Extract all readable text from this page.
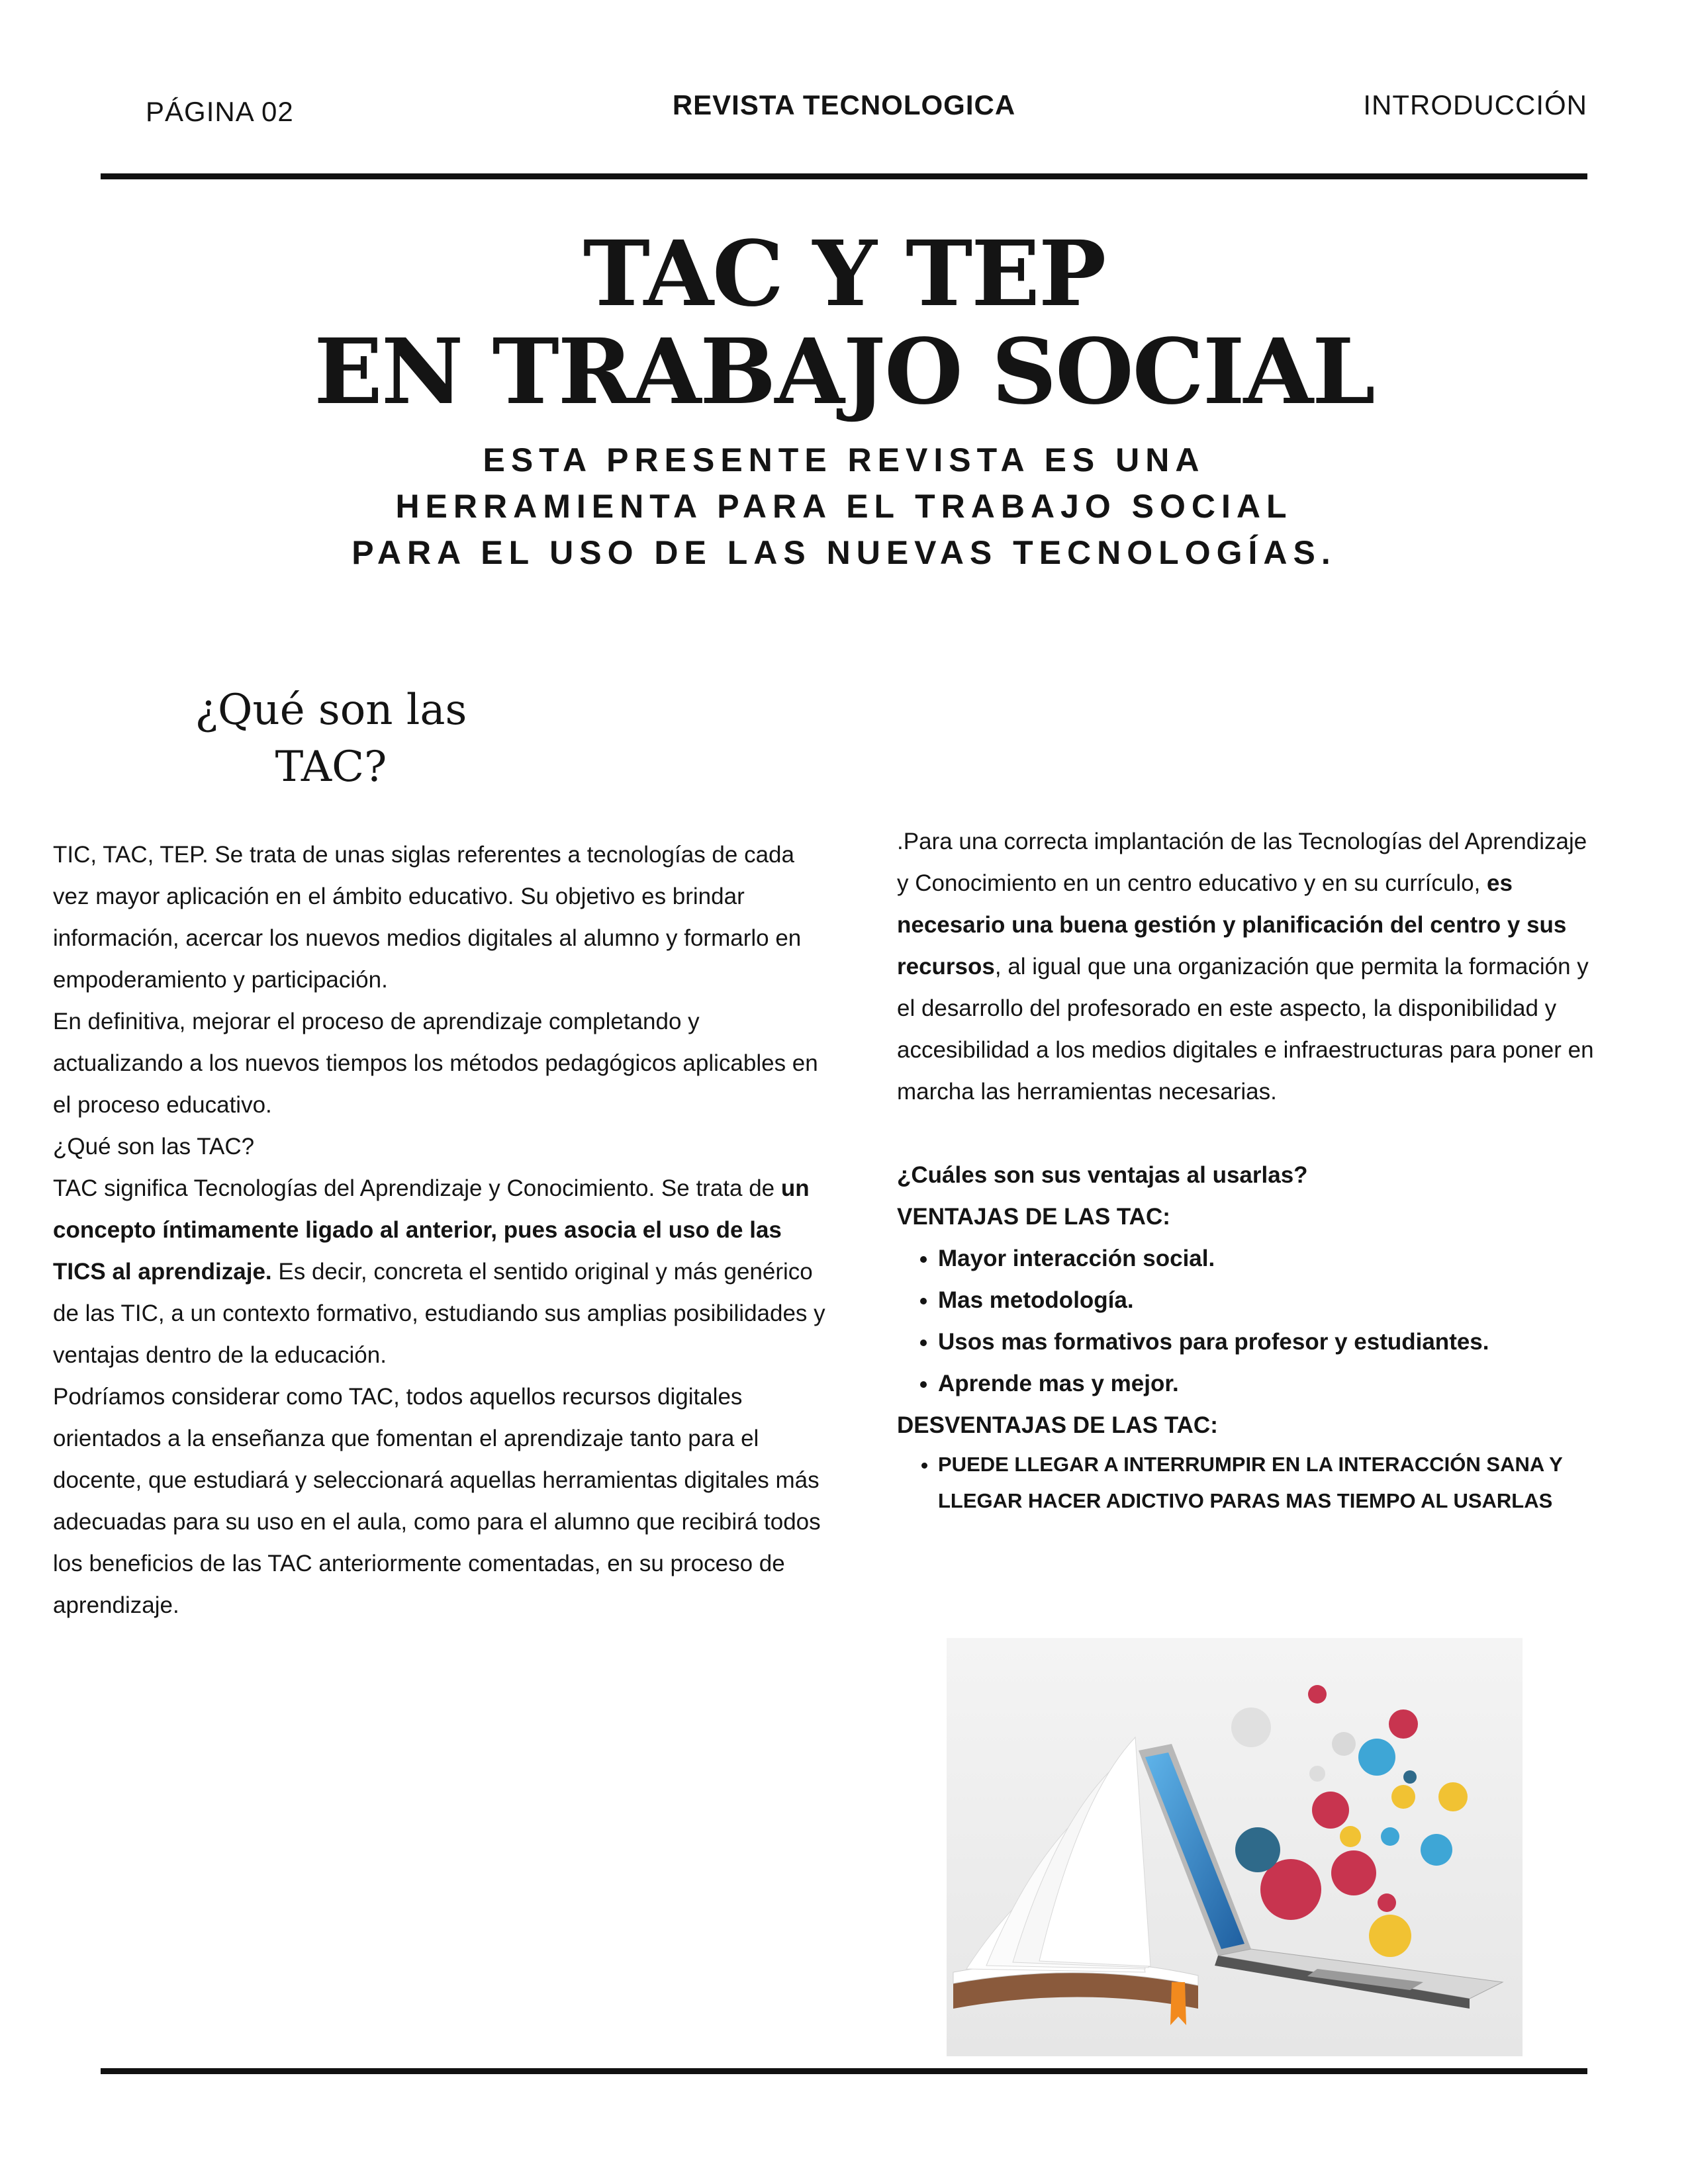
PÁGINA 02	REVISTA TECNOLOGICA	INTRODUCCIÓN
TAC Y TEP
EN TRABAJO SOCIAL
ESTA PRESENTE REVISTA ES UNA HERRAMIENTA PARA EL TRABAJO SOCIAL PARA EL USO DE LAS NUEVAS TECNOLOGÍAS.
¿Qué son las
TAC?

TIC, TAC, TEP. Se trata de unas siglas referentes a tecnologías de cada vez mayor aplicación en el ámbito educativo. Su objetivo es brindar información, acercar los nuevos medios digitales al alumno y formarlo en empoderamiento y participación.

En definitiva, mejorar el proceso de aprendizaje completando y actualizando a los nuevos tiempos los métodos pedagógicos aplicables en el proceso educativo.

¿Qué son las TAC?

TAC significa Tecnologías del Aprendizaje y Conocimiento. Se trata de un concepto íntimamente ligado al anterior, pues asocia el uso de las TICS al aprendizaje. Es decir, concreta el sentido original y más genérico de las TIC, a un contexto formativo, estudiando sus amplias posibilidades y ventajas dentro de la educación.

Podríamos considerar como TAC, todos aquellos recursos digitales orientados a la enseñanza que fomentan el aprendizaje tanto para el docente, que estudiará y seleccionará aquellas herramientas digitales más adecuadas para su uso en el aula, como para el alumno que recibirá todos los beneficios de las TAC anteriormente comentadas, en su proceso de aprendizaje.

.Para una correcta implantación de las Tecnologías del Aprendizaje y Conocimiento en un centro educativo y en su currículo, es necesario una buena gestión y planificación del centro y sus recursos, al igual que una organización que permita la formación y el desarrollo del profesorado en este aspecto, la disponibilidad y accesibilidad a los medios digitales e infraestructuras para poner en marcha las herramientas necesarias.

¿Cuáles son sus ventajas al usarlas?

VENTAJAS DE LAS TAC:

• Mayor interacción social.
• Mas metodología.
• Usos mas formativos para profesor y estudiantes.
• Aprende mas y mejor.

DESVENTAJAS DE LAS TAC:

• PUEDE LLEGAR A INTERRUMPIR EN LA INTERACCIÓN SANA Y LLEGAR HACER ADICTIVO PARAS MAS TIEMPO AL USARLAS
